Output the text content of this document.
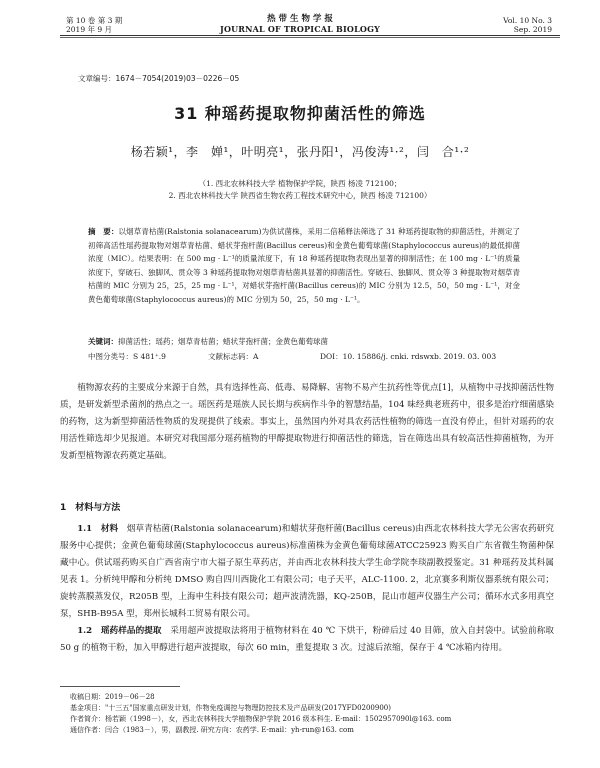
第 10 卷 第 3 期
2019 年 9 月
热 带 生 物 学 报
JOURNAL OF TROPICAL BIOLOGY
Vol. 10 No. 3
Sep. 2019
文章编号：1674－7054(2019)03－0226－05
31 种瑶药提取物抑菌活性的筛选
杨若颖¹，李　婵¹，叶明亮¹，张丹阳¹，冯俊涛¹·²，闫　合¹·²
（1. 西北农林科技大学 植物保护学院，陕西 杨凌 712100；
2. 西北农林科技大学 陕西省生物农药工程技术研究中心，陕西 杨凌 712100）
摘　要：以烟草青枯菌(Ralstonia solanacearum)为供试菌株，采用二倍稀释法筛选了 31 种瑶药提取物的抑菌活性，并测定了初筛高活性瑶药提取物对烟草青枯菌、蜡状芽孢杆菌(Bacillus cereus)和金黄色葡萄球菌(Staphylococcus aureus)的最低抑菌浓度（MIC）。结果表明：在 500 mg · L⁻¹的质量浓度下，有 18 种瑶药提取物表现出显著的抑制活性；在 100 mg · L⁻¹的质量浓度下，穿破石、独脚风、贯众等 3 种瑶药提取物对烟草青枯菌具显著的抑菌活性。穿破石、独脚风、贯众等 3 种提取物对烟草青枯菌的 MIC 分别为 25，25，25 mg · L⁻¹，对蜡状芽孢杆菌(Bacillus cereus)的 MIC 分别为 12.5，50，50 mg · L⁻¹，对金黄色葡萄球菌(Staphylococcus aureus)的 MIC 分别为 50，25，50 mg · L⁻¹。
关键词：抑菌活性；瑶药；烟草青枯菌；蜡状芽孢杆菌；金黄色葡萄球菌
中图分类号：S 481⁺.9	文献标志码：A	DOI：10. 15886/j. cnki. rdswxb. 2019. 03. 003

植物源农药的主要成分来源于自然，具有选择性高、低毒、易降解、害物不易产生抗药性等优点[1]，从植物中寻找抑菌活性物质，是研发新型杀菌剂的热点之一。瑶医药是瑶族人民长期与疾病作斗争的智慧结晶，104 味经典老班药中，很多是治疗细菌感染的药物，这为新型抑菌活性物质的发现提供了线索。事实上，虽然国内外对具农药活性植物的筛选一直没有停止，但针对瑶药的农用活性筛选却少见报道。本研究对我国部分瑶药植物的甲醇提取物进行抑菌活性的筛选，旨在筛选出具有较高活性抑菌植物，为开发新型植物源农药奠定基础。

1　材料与方法

1.1　材料　烟草青枯菌(Ralstonia solanacearum)和蜡状芽孢杆菌(Bacillus cereus)由西北农林科技大学无公害农药研究服务中心提供；金黄色葡萄球菌(Staphylococcus aureus)标准菌株为金黄色葡萄球菌ATCC25923 购买自广东省微生物菌种保藏中心。供试瑶药购买自广西省南宁市大福子原生草药店，并由西北农林科技大学生命学院李琰副教授鉴定。31 种瑶药及其科属见表 1。分析纯甲醇和分析纯 DMSO 购自四川西陇化工有限公司；电子天平，ALC-1100. 2，北京赛多利斯仪器系统有限公司；旋转蒸膜蒸发仪，R205B 型，上海申生科技有限公司；超声波清洗器，KQ-250B，昆山市超声仪器生产公司；循环水式多用真空泵，SHB-B95A 型，郑州长城科工贸易有限公司。

1.2　瑶药样品的提取　采用超声波提取法将用于植物材料在 40 ℃ 下烘干，粉碎后过 40 目筛，放入自封袋中。试验前称取 50 g 的植物干粉，加入甲醇进行超声波提取，每次 60 min，重复提取 3 次。过滤后浓缩，保存于 4 ℃冰箱内待用。

收稿日期：2019－06－28
基金项目："十三五"国家重点研发计划，作物免疫调控与物理防控技术及产品研发(2017YFD0200900)
作者简介：杨若颖（1998－），女，西北农林科技大学植物保护学院 2016 级本科生. E-mail：1502957090l@163. com
通信作者：闫合（1983－），男，副教授. 研究方向：农药学. E-mail：yh-run@163. com
